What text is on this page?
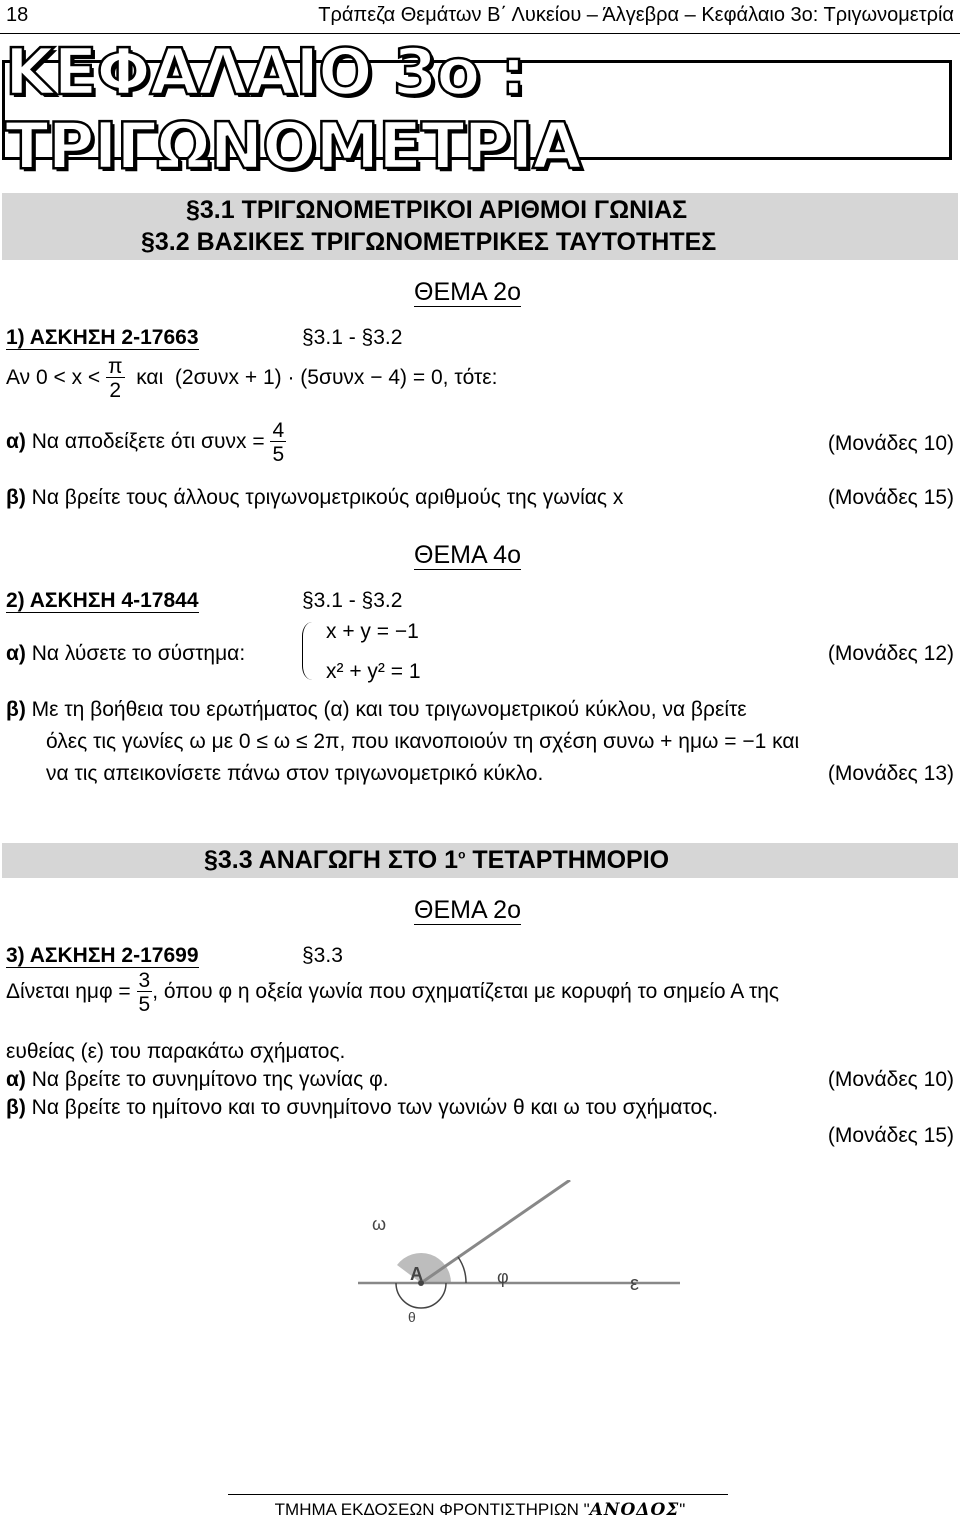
18	Τράπεζα Θεμάτων Β΄ Λυκείου – Άλγεβρα – Κεφάλαιο 3ο: Τριγωνομετρία
ΚΕΦΑΛΑΙΟ 3ο : ΤΡΙΓΩΝΟΜΕΤΡΙΑ
§3.1 ΤΡΙΓΩΝΟΜΕΤΡΙΚΟΙ ΑΡΙΘΜΟΙ ΓΩΝΙΑΣ
§3.2 ΒΑΣΙΚΕΣ ΤΡΙΓΩΝΟΜΕΤΡΙΚΕΣ ΤΑΥΤΟΤΗΤΕΣ
ΘΕΜΑ 2ο
1) ΑΣΚΗΣΗ 2-17663	§3.1 - §3.2
Αν $0 < x < \frac{\pi}{2}$ και (2συνx + 1) · (5συνx − 4) = 0, τότε:
α) Να αποδείξετε ότι $\sigma\upsilon\nu x = \frac{4}{5}$	(Μονάδες 10)
β) Να βρείτε τους άλλους τριγωνομετρικούς αριθμούς της γωνίας x	(Μονάδες 15)
ΘΕΜΑ 4ο
2) ΑΣΚΗΣΗ 4-17844	§3.1 - §3.2
α) Να λύσετε το σύστημα:
x + y = −1
x² + y² = 1
(Μονάδες 12)
β) Με τη βοήθεια του ερωτήματος (α) και του τριγωνομετρικού κύκλου, να βρείτε
όλες τις γωνίες ω με 0 ≤ ω ≤ 2π, που ικανοποιούν τη σχέση συνω + ημω = −1 και
να τις απεικονίσετε πάνω στον τριγωνομετρικό κύκλο.	(Μονάδες 13)
§3.3 ΑΝΑΓΩΓΗ ΣΤΟ $1^o$ ΤΕΤΑΡΤΗΜΟΡΙΟ
ΘΕΜΑ 2ο
3) ΑΣΚΗΣΗ 2-17699	§3.3
Δίνεται $\eta\mu\varphi = \frac{3}{5}$ , όπου φ η οξεία γωνία που σχηματίζεται με κορυφή το σημείο Α της
ευθείας (ε) του παρακάτω σχήματος.
α) Να βρείτε το συνημίτονο της γωνίας φ.	(Μονάδες 10)
β) Να βρείτε το ημίτονο και το συνημίτονο των γωνιών θ και ω του σχήματος.
(Μονάδες 15)
ω
Α	φ	ε
θ
ΤΜΗΜΑ ΕΚΔΟΣΕΩΝ ΦΡΟΝΤΙΣΤΗΡΙΩΝ "ΑΝΟΔΟΣ"
